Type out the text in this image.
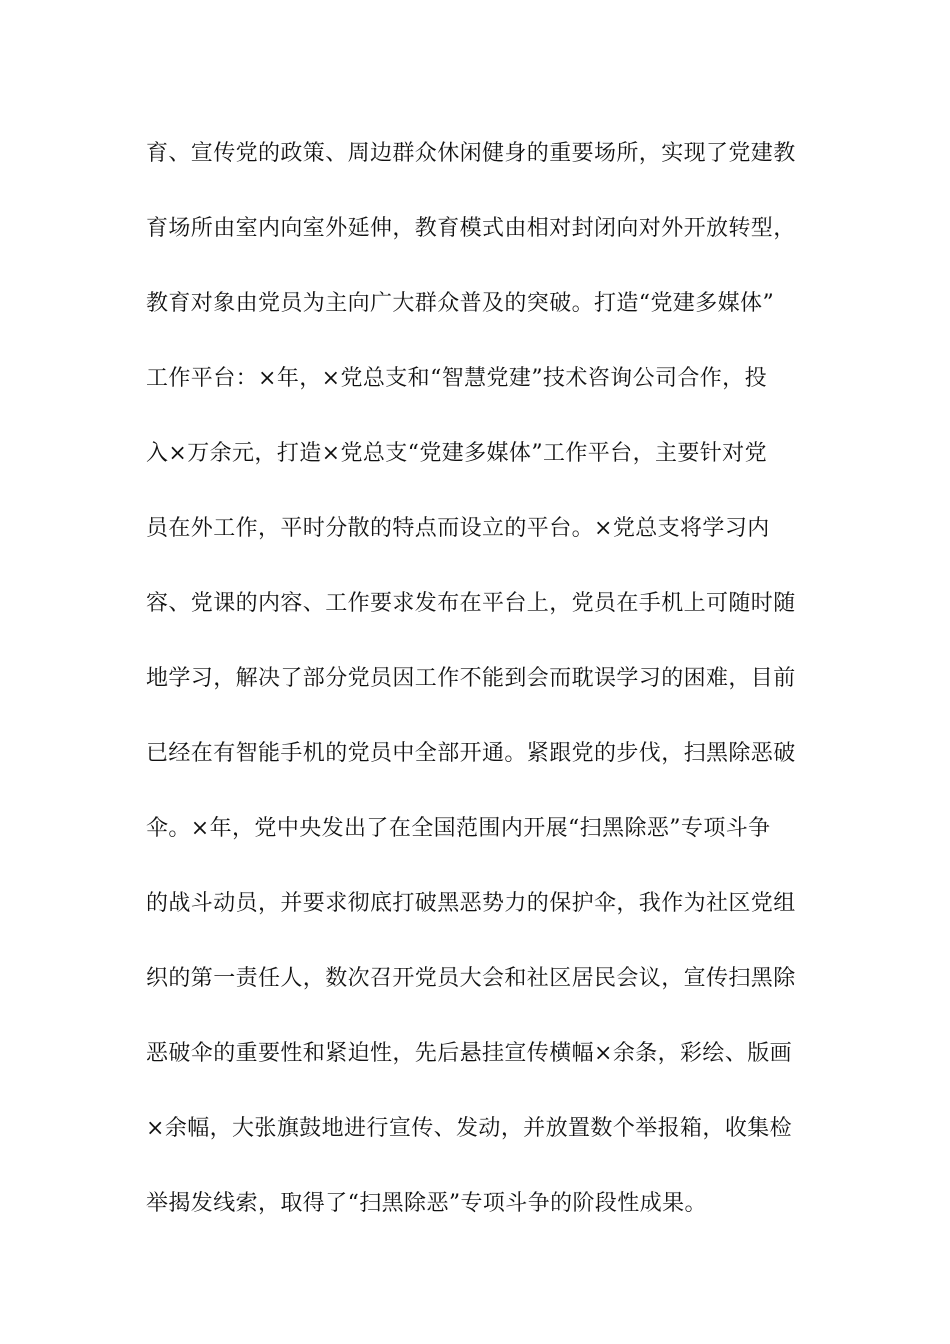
育、宣传党的政策、周边群众休闲健身的重要场所，实现了党建教
育场所由室内向室外延伸，教育模式由相对封闭向对外开放转型，
教育对象由党员为主向广大群众普及的突破。打造“党建多媒体”
工作平台：×年，×党总支和“智慧党建”技术咨询公司合作，投
入×万余元，打造×党总支“党建多媒体”工作平台，主要针对党
员在外工作，平时分散的特点而设立的平台。×党总支将学习内
容、党课的内容、工作要求发布在平台上，党员在手机上可随时随
地学习，解决了部分党员因工作不能到会而耽误学习的困难，目前
已经在有智能手机的党员中全部开通。紧跟党的步伐，扫黑除恶破
伞。×年，党中央发出了在全国范围内开展“扫黑除恶”专项斗争
的战斗动员，并要求彻底打破黑恶势力的保护伞，我作为社区党组
织的第一责任人，数次召开党员大会和社区居民会议，宣传扫黑除
恶破伞的重要性和紧迫性，先后悬挂宣传横幅×余条，彩绘、版画
×余幅，大张旗鼓地进行宣传、发动，并放置数个举报箱，收集检
举揭发线索，取得了“扫黑除恶”专项斗争的阶段性成果。
